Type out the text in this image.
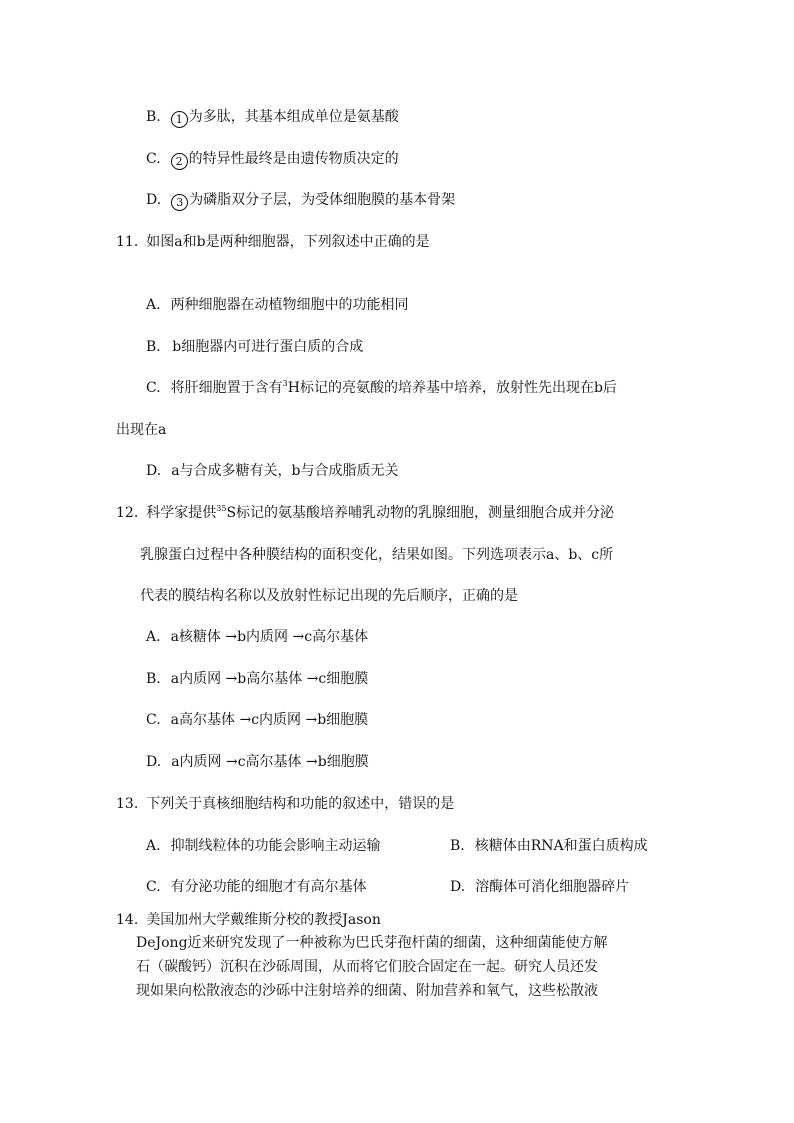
B. 1 为多肽，其基本组成单位是氨基酸
C. 2 的特异性最终是由遗传物质决定的
D. 3 为磷脂双分子层，为受体细胞膜的基本骨架
11. 如图a和b是两种细胞器，下列叙述中正确的是
A. 两种细胞器在动植物细胞中的功能相同
B． b细胞器内可进行蛋白质的合成
C. 将肝细胞置于含有$^3$H标记的亮氨酸的培养基中培养，放射性先出现在b后
出现在a
D. a与合成多糖有关，b与合成脂质无关
12. 科学家提供$^{35}$S标记的氨基酸培养哺乳动物的乳腺细胞，测量细胞合成并分泌
乳腺蛋白过程中各种膜结构的面积变化，结果如图。下列选项表示a、b、c所
代表的膜结构名称以及放射性标记出现的先后顺序，正确的是
A. a核糖体 →b内质网 →c高尔基体
B. a内质网 →b高尔基体 →c细胞膜
C. a高尔基体 →c内质网 →b细胞膜
D. a内质网 →c高尔基体 →b细胞膜
13. 下列关于真核细胞结构和功能的叙述中，错误的是
A. 抑制线粒体的功能会影响主动运输	B. 核糖体由RNA和蛋白质构成
C. 有分泌功能的细胞才有高尔基体	D. 溶酶体可消化细胞器碎片
14. 美国加州大学戴维斯分校的教授Jason
DeJong近来研究发现了一种被称为巴氏芽孢杆菌的细菌，这种细菌能使方解
石（碳酸钙）沉积在沙砾周围，从而将它们胶合固定在一起。研究人员还发
现如果向松散液态的沙砾中注射培养的细菌、附加营养和氧气，这些松散液
